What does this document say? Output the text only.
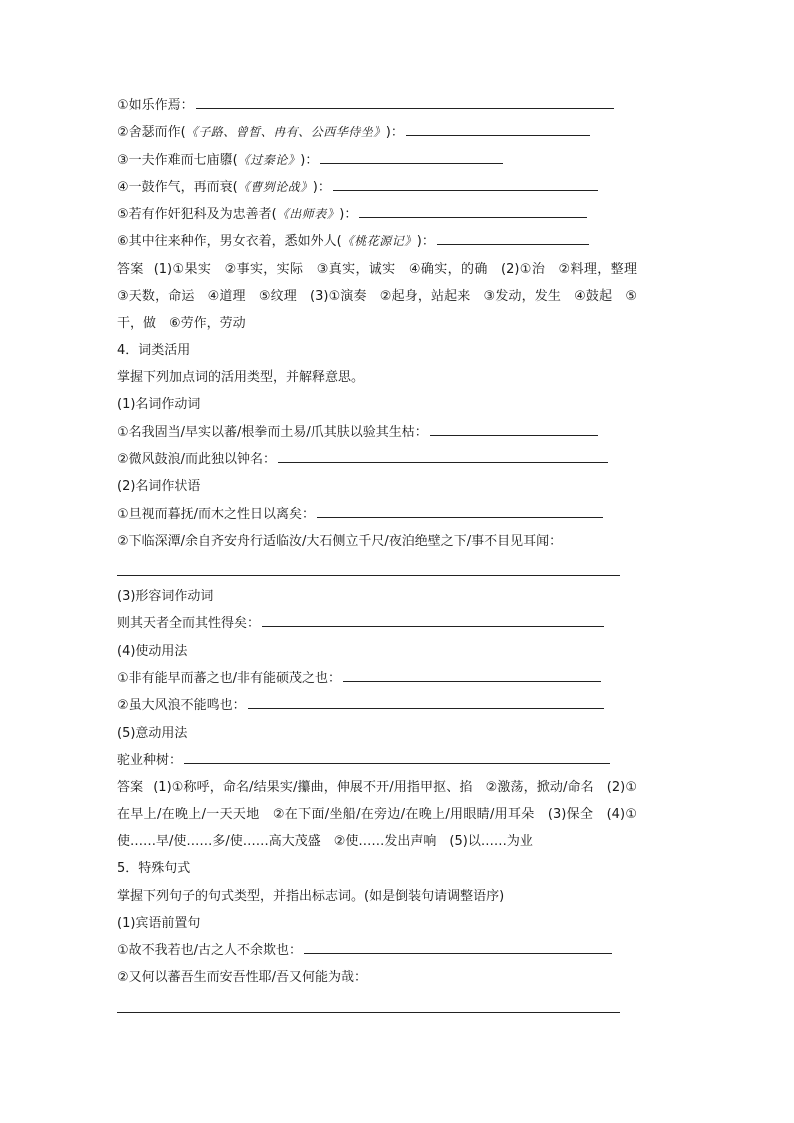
①如乐作焉：
②舍瑟而作( 《子路、曾皙、冉有、公西华侍坐》 )：
③一夫作难而七庙隳( 《过秦论》 )：
④一鼓作气，再而衰( 《曹刿论战》 )：
⑤若有作奸犯科及为忠善者( 《出师表》 )：
⑥其中往来种作，男女衣着，悉如外人( 《桃花源记》 )：
答案 (1)①果实　②事实，实际　③真实，诚实　④确实，的确　(2)①治　②料理，整理　③天数，命运　④道理　⑤纹理　(3)①演奏　②起身，站起来　③发动，发生　④鼓起　⑤干，做　⑥劳作，劳动
4．词类活用
掌握下列加点词的活用类型，并解释意思。
(1)名词作动词
①名我固当/早实以蕃/根拳而土易/爪其肤以验其生枯：
②微风鼓浪/而此独以钟名：
(2)名词作状语
①旦视而暮抚/而木之性日以离矣：
②下临深潭/余自齐安舟行适临汝/大石侧立千尺/夜泊绝壁之下/事不目见耳闻：
(3)形容词作动词
则其天者全而其性得矣：
(4)使动用法
①非有能早而蕃之也/非有能硕茂之也：
②虽大风浪不能鸣也：
(5)意动用法
驼业种树：
答案 (1)①称呼，命名/结果实/攥曲，伸展不开/用指甲抠、掐　②激荡，掀动/命名　(2)①在早上/在晚上/一天天地　②在下面/坐船/在旁边/在晚上/用眼睛/用耳朵　(3)保全　(4)①使……早/使……多/使……高大茂盛　②使……发出声响　(5)以……为业
5．特殊句式
掌握下列句子的句式类型，并指出标志词。(如是倒装句请调整语序)
(1)宾语前置句
①故不我若也/古之人不余欺也：
②又何以蕃吾生而安吾性耶/吾又何能为哉：
